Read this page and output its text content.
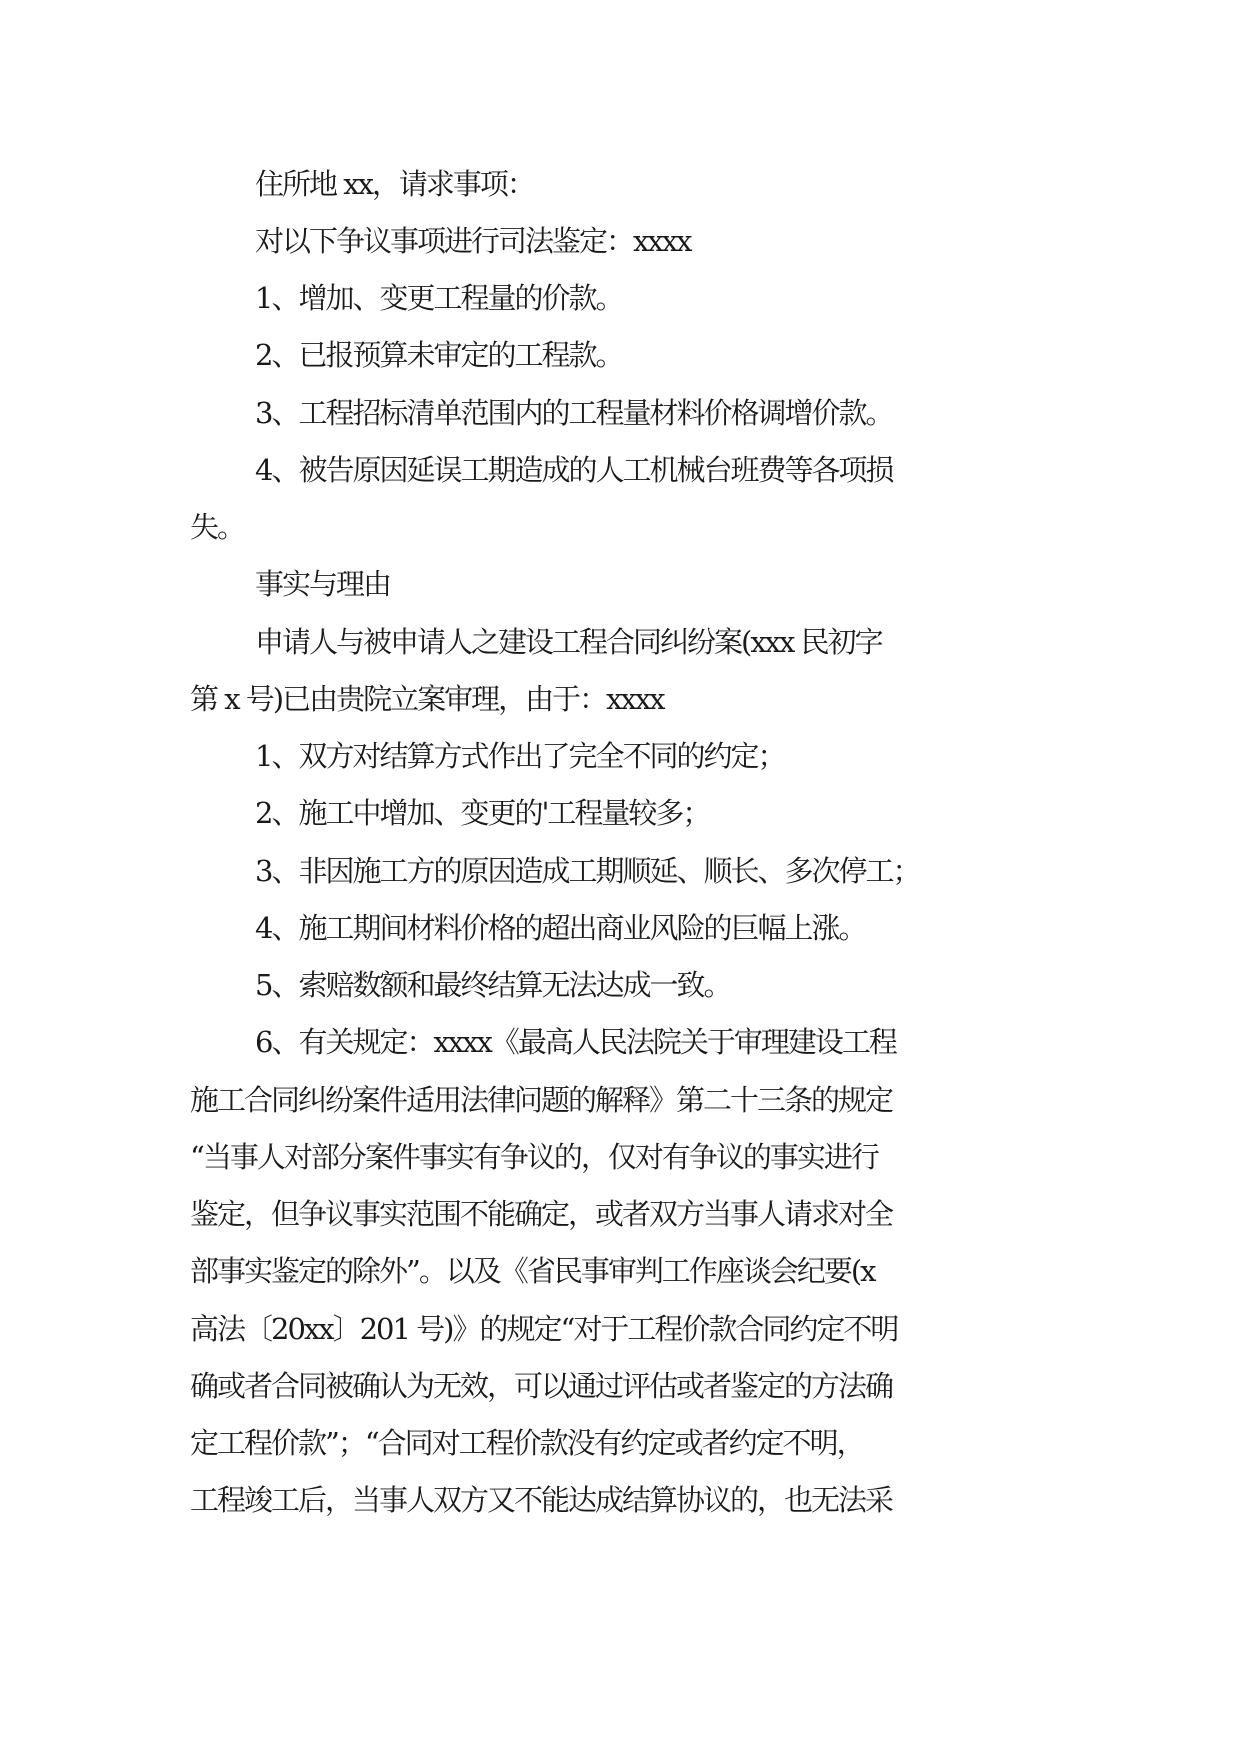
住所地 xx，请求事项：
对以下争议事项进行司法鉴定：xxxx
1、增加、变更工程量的价款。
2、已报预算未审定的工程款。
3、工程招标清单范围内的工程量材料价格调增价款。
4、被告原因延误工期造成的人工机械台班费等各项损
失。
事实与理由
申请人与被申请人之建设工程合同纠纷案(xxx 民初字
第 x 号)已由贵院立案审理，由于：xxxx
1、双方对结算方式作出了完全不同的约定；
2、施工中增加、变更的'工程量较多；
3、非因施工方的原因造成工期顺延、顺长、多次停工；
4、施工期间材料价格的超出商业风险的巨幅上涨。
5、索赔数额和最终结算无法达成一致。
6、有关规定：xxxx《最高人民法院关于审理建设工程
施工合同纠纷案件适用法律问题的解释》第二十三条的规定
“当事人对部分案件事实有争议的，仅对有争议的事实进行
鉴定，但争议事实范围不能确定，或者双方当事人请求对全
部事实鉴定的除外”。以及《省民事审判工作座谈会纪要(x
高法〔20xx〕201 号)》的规定“对于工程价款合同约定不明
确或者合同被确认为无效，可以通过评估或者鉴定的方法确
定工程价款”；“合同对工程价款没有约定或者约定不明，
工程竣工后，当事人双方又不能达成结算协议的，也无法采
